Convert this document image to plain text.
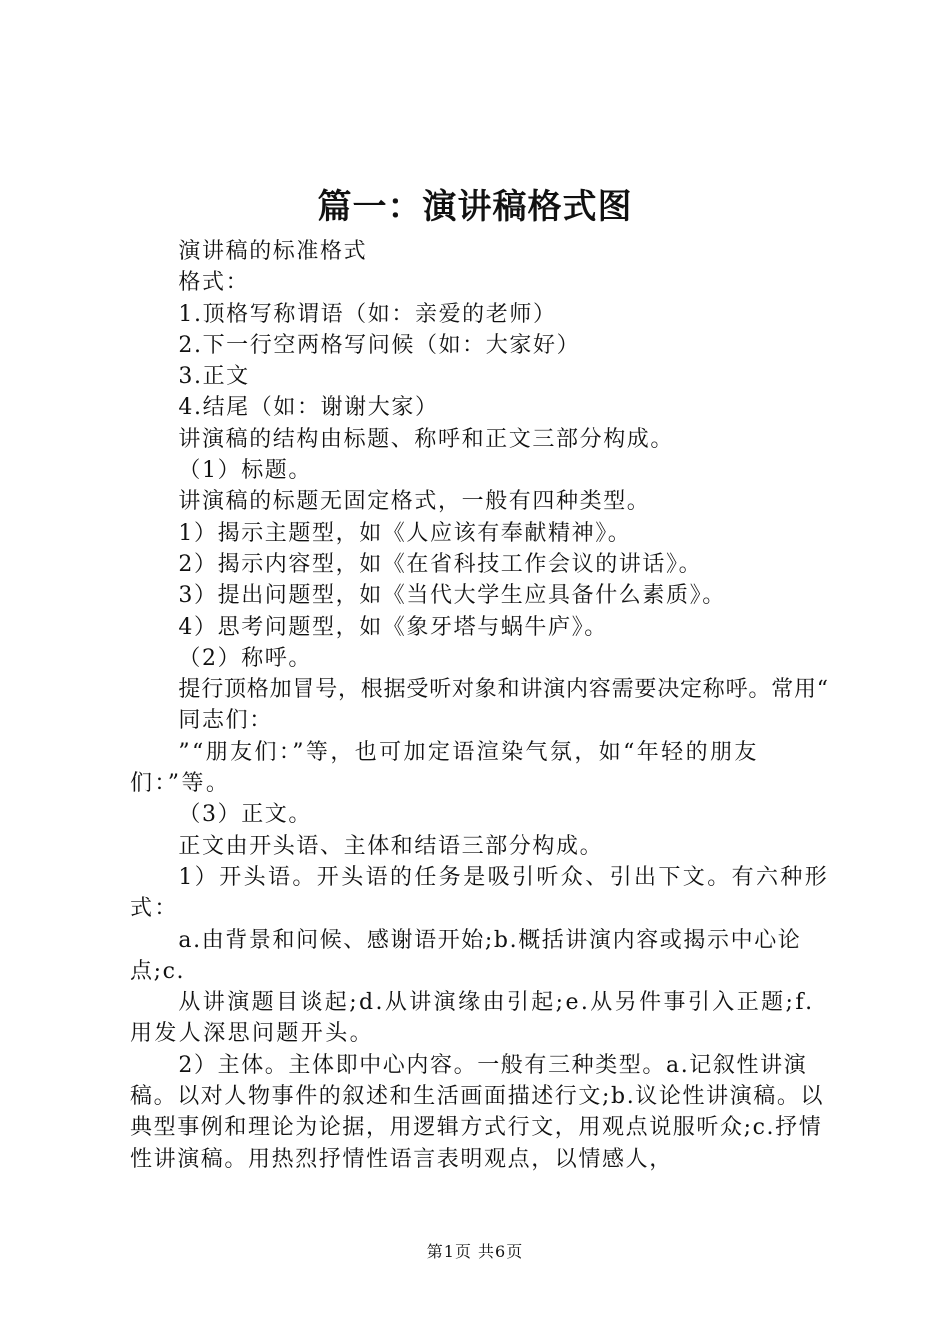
篇一：演讲稿格式图

演讲稿的标准格式

格式：

1.顶格写称谓语（如：亲爱的老师）

2.下一行空两格写问候（如：大家好）

3.正文

4.结尾（如：谢谢大家）

讲演稿的结构由标题、称呼和正文三部分构成。

（1）标题。

讲演稿的标题无固定格式，一般有四种类型。

1）揭示主题型，如《人应该有奉献精神》。

2）揭示内容型，如《在省科技工作会议的讲话》。

3）提出问题型，如《当代大学生应具备什么素质》。

4）思考问题型，如《象牙塔与蜗牛庐》。

（2）称呼。

提行顶格加冒号，根据受听对象和讲演内容需要决定称呼。常用“

同志们：

”“朋友们：”等，也可加定语渲染气氛，如“年轻的朋友们：”等。

（3）正文。

正文由开头语、主体和结语三部分构成。

1）开头语。开头语的任务是吸引听众、引出下文。有六种形式：

a.由背景和问候、感谢语开始;b.概括讲演内容或揭示中心论点;c.

从讲演题目谈起;d.从讲演缘由引起;e.从另件事引入正题;f.用发人深思问题开头。

2）主体。主体即中心内容。一般有三种类型。a.记叙性讲演稿。以对人物事件的叙述和生活画面描述行文;b.议论性讲演稿。以典型事例和理论为论据，用逻辑方式行文，用观点说服听众;c.抒情性讲演稿。用热烈抒情性语言表明观点，以情感人，

第1页 共6页
